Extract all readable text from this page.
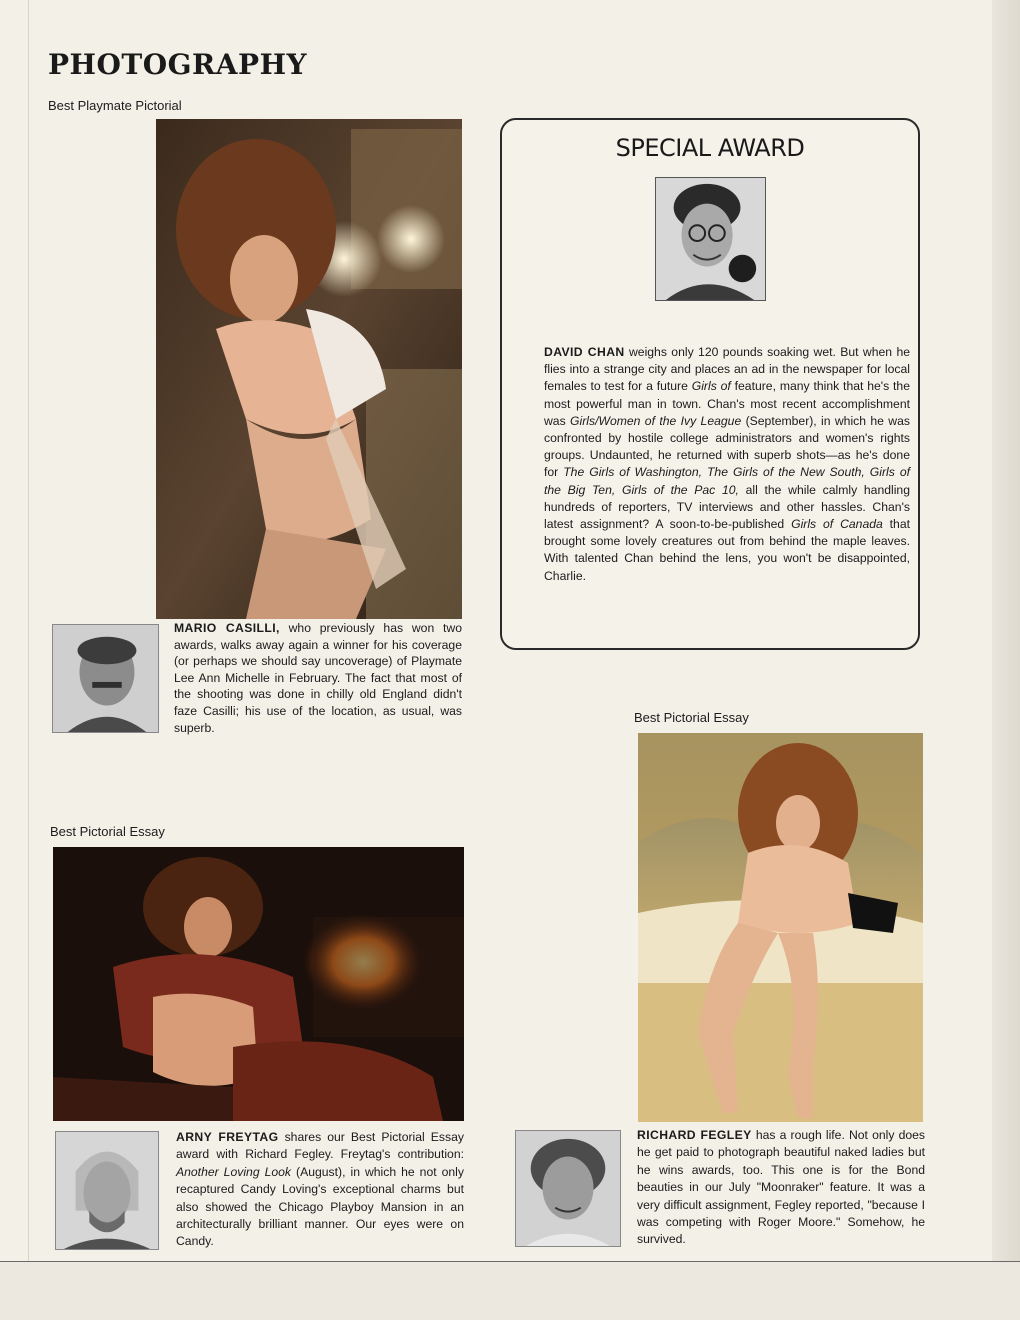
PHOTOGRAPHY
Best Playmate Pictorial

MARIO CASILLI, who previously has won two awards, walks away again a winner for his coverage (or perhaps we should say uncoverage) of Playmate Lee Ann Michelle in February. The fact that most of the shooting was done in chilly old England didn't faze Casilli; his use of the location, as usual, was superb.

SPECIAL AWARD

DAVID CHAN weighs only 120 pounds soaking wet. But when he flies into a strange city and places an ad in the newspaper for local females to test for a future Girls of feature, many think that he's the most powerful man in town. Chan's most recent accomplishment was Girls/Women of the Ivy League (September), in which he was confronted by hostile college administrators and women's rights groups. Undaunted, he returned with superb shots—as he's done for The Girls of Washington, The Girls of the New South, Girls of the Big Ten, Girls of the Pac 10, all the while calmly handling hundreds of reporters, TV interviews and other hassles. Chan's latest assignment? A soon-to-be-published Girls of Canada that brought some lovely creatures out from behind the maple leaves. With talented Chan behind the lens, you won't be disappointed, Charlie.

Best Pictorial Essay

RICHARD FEGLEY has a rough life. Not only does he get paid to photograph beautiful naked ladies but he wins awards, too. This one is for the Bond beauties in our July "Moonraker" feature. It was a very difficult assignment, Fegley reported, "because I was competing with Roger Moore." Somehow, he survived.

Best Pictorial Essay

ARNY FREYTAG shares our Best Pictorial Essay award with Richard Fegley. Freytag's contribution: Another Loving Look (August), in which he not only recaptured Candy Loving's exceptional charms but also showed the Chicago Playboy Mansion in an architecturally brilliant manner. Our eyes were on Candy.
